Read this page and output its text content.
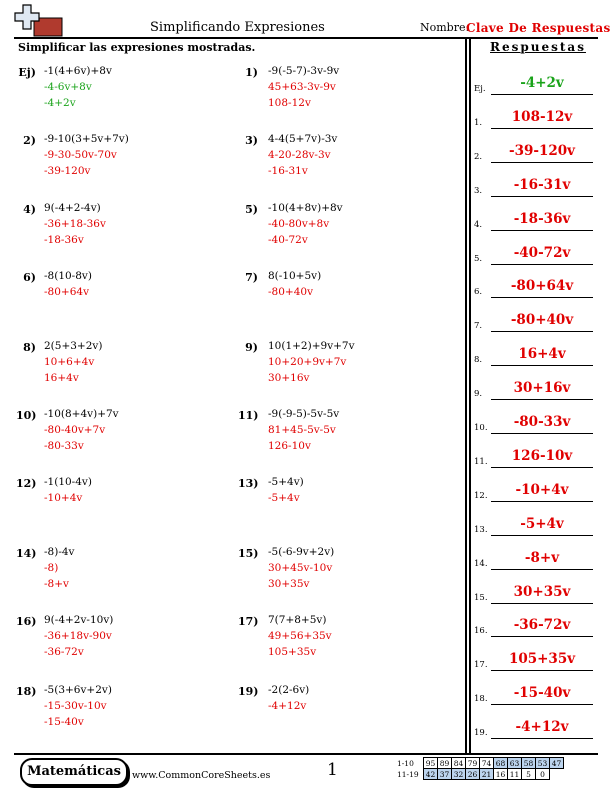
Simplificando Expresiones	Nombre:
Clave De Respuestas
Simplificar las expresiones mostradas.	Respuestas
Ej) -1(4+6v)+8v
-4-6v+8v
-4+2v
1) -9(-5-7)-3v-9v
45+63-3v-9v
108-12v
2) -9-10(3+5v+7v)
-9-30-50v-70v
-39-120v
3) 4-4(5+7v)-3v
4-20-28v-3v
-16-31v
4) 9(-4+2-4v)
-36+18-36v
-18-36v
5) -10(4+8v)+8v
-40-80v+8v
-40-72v
6) -8(10-8v)
-80+64v
7) 8(-10+5v)
-80+40v
8) 2(5+3+2v)
10+6+4v
16+4v
9) 10(1+2)+9v+7v
10+20+9v+7v
30+16v
10) -10(8+4v)+7v
-80-40v+7v
-80-33v
11) -9(-9-5)-5v-5v
81+45-5v-5v
126-10v
12) -1(10-4v)
-10+4v
13) -5+4v)
-5+4v
14) -8)-4v
-8)
-8+v
15) -5(-6-9v+2v)
30+45v-10v
30+35v
16) 9(-4+2v-10v)
-36+18v-90v
-36-72v
17) 7(7+8+5v)
49+56+35v
105+35v
18) -5(3+6v+2v)
-15-30v-10v
-15-40v
19) -2(2-6v)
-4+12v
Ej.	-4+2v
1.	108-12v
2.	-39-120v
3.	-16-31v
4.	-18-36v
5.	-40-72v
6.	-80+64v
7.	-80+40v
8.	16+4v
9.	30+16v
10.	-80-33v
11.	126-10v
12.	-10+4v
13.	-5+4v
14.	-8+v
15.	30+35v
16.	-36-72v
17.	105+35v
18.	-15-40v
19.	-4+12v
Matemáticas	www.CommonCoreSheets.es	1	1-10	95	89	84	79	74	68	63	58	53	47
11-19	42	37	32	26	21	16	11	5	0	
